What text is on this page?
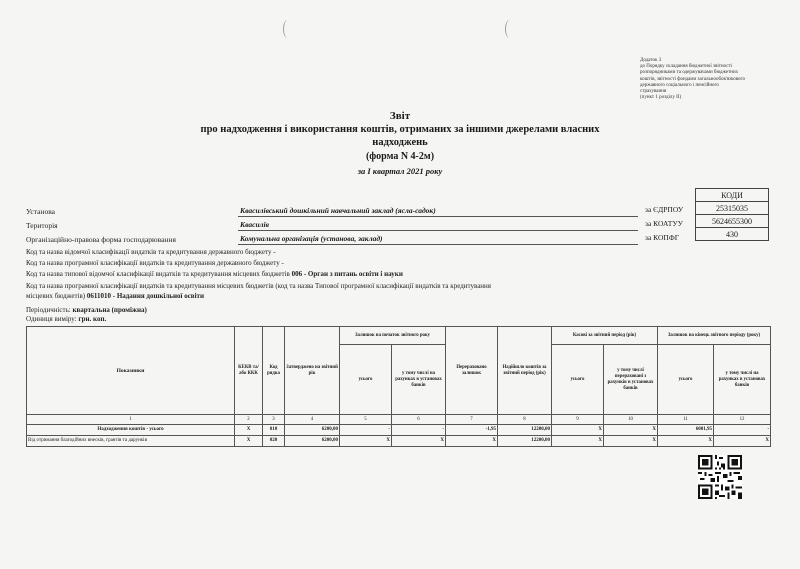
Додаток 3
до Порядку складання бюджетної звітності
розпорядниками та одержувачами бюджетних
коштів, звітності фондами загальнообов'язкового
державного соціального і пенсійного
страхування
(пункт 1 розділу II)
Звіт
про надходження і використання коштів, отриманих за іншими джерелами власних надходжень
(форма N 4-2м)
за I квартал 2021 року
КОДИ
25315035
5624655300
430
за ЄДРПОУ
за КОАТУУ
за КОПФГ
Установа	Квасилівський дошкільний навчальний заклад (ясла-садок)
Територія	Квасилів
Організаційно-правова форма господарювання	Комунальна організація (установа, заклад)
Код та назва відомчої класифікації видатків та кредитування державного бюджету -
Код та назва програмної класифікації видатків та кредитування державного бюджету -
Код та назва типової відомчої класифікації видатків та кредитування місцевих бюджетів 006 - Орган з питань освіти і науки
Код та назва програмної класифікації видатків та кредитування місцевих бюджетів (код та назва Типової програмної класифікації видатків та кредитування
місцевих бюджетів) 0611010 - Надання дошкільної освіти
Періодичність: квартальна (проміжна)
Одиниця виміру: грн. коп.
Показники	КЕКВ та/або ККК	Код рядка	Затверджено на звітний рік	Залишок на початок звітного року		Перераховано залишок	Надійшло коштів за звітний період (рік)	Касові за звітний період (рік)		Залишок на кінець звітного періоду (року)	
				усього	у тому числі на рахунках в установах банків			усього	у тому числі перераховані з рахунків в установах банків	усього	у тому числі на рахунках в установах банків
1	2	3	4	5	6	7	8	9	10	11	12
Надходження коштів - усього	X	010	6200,00	-	-	-1,95	12200,00	X	X	6001,95	-
Від отримання благодійних внесків, грантів та дарунків	X	020	6200,00	X	X	X	12200,00	X	X	X	X
